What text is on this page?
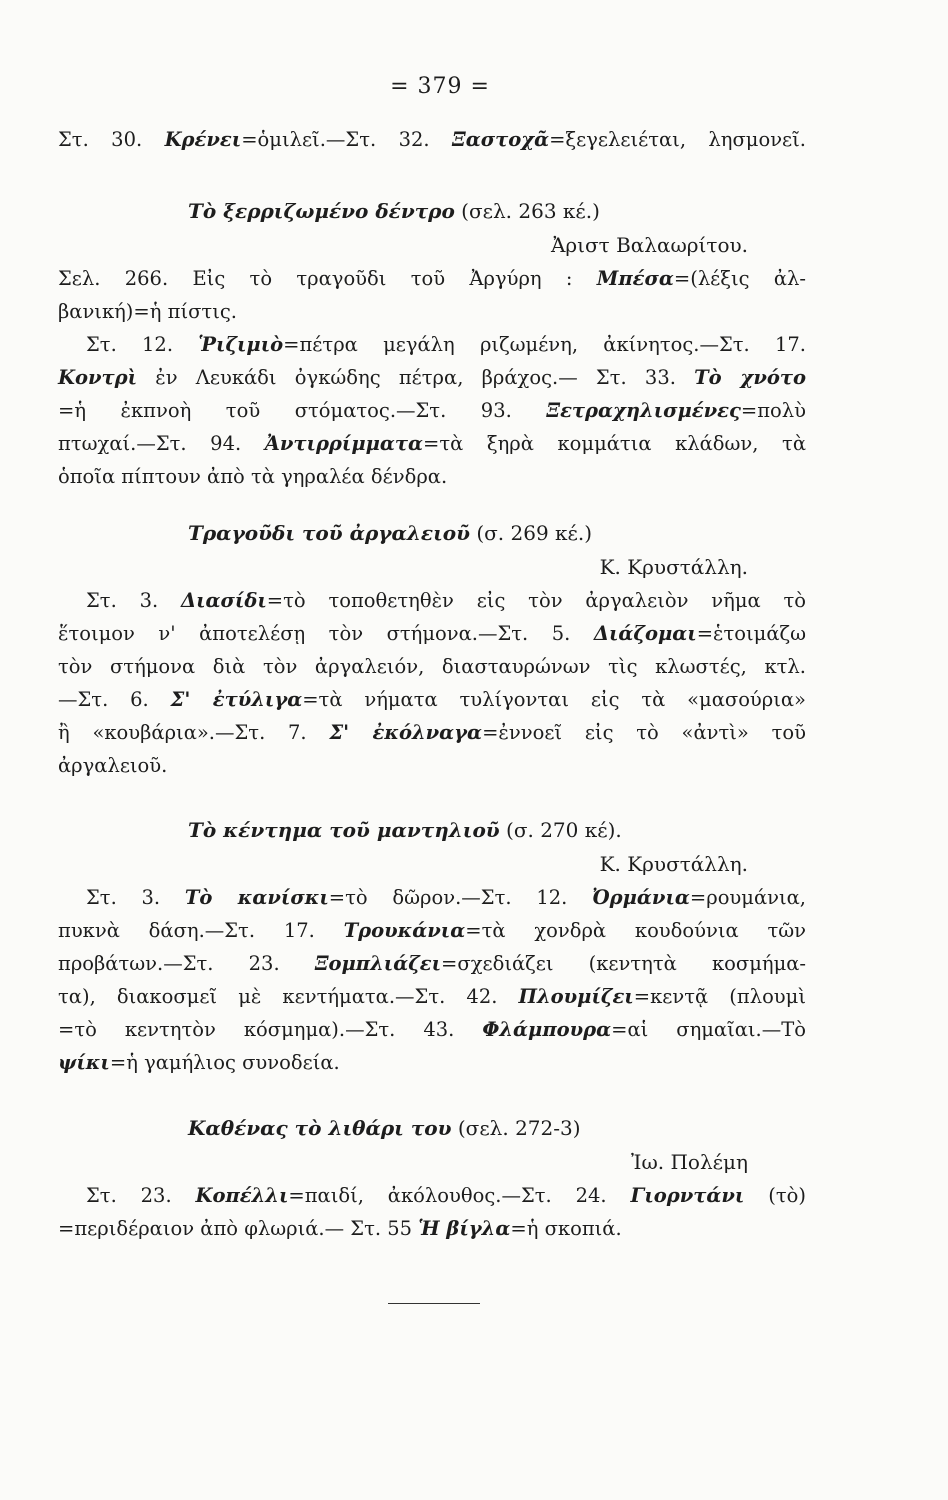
= 379 =
Στ. 30. Κρένει=ὁμιλεῖ.—Στ. 32. Ξαστοχᾶ=ξεγελειέται, λησμονεῖ.
Τὸ ξερριζωμένο δέντρο (σελ. 263 κέ.)
Ἀριστ Βαλαωρίτου.
Σελ. 266. Εἰς τὸ τραγοῦδι τοῦ Ἀργύρη : Μπέσα=(λέξις ἀλ-
βανική)=ἡ πίστις.
Στ. 12. Ῥιζιμιὸ=πέτρα μεγάλη ριζωμένη, ἀκίνητος.—Στ. 17.
Κοντρὶ ἐν Λευκάδι ὀγκώδης πέτρα, βράχος.— Στ. 33. Τὸ χνότο
=ἡ ἐκπνοὴ τοῦ στόματος.—Στ. 93. Ξετραχηλισμένες=πολὺ
πτωχαί.—Στ. 94. Ἀντιρρίμματα=τὰ ξηρὰ κομμάτια κλάδων, τὰ
ὁποῖα πίπτουν ἀπὸ τὰ γηραλέα δένδρα.
Τραγοῦδι τοῦ ἀργαλειοῦ (σ. 269 κέ.)
Κ. Κρυστάλλη.
Στ. 3. Διασίδι=τὸ τοποθετηθὲν εἰς τὸν ἀργαλειὸν νῆμα τὸ
ἕτοιμον ν' ἀποτελέσῃ τὸν στήμονα.—Στ. 5. Διάζομαι=ἑτοιμάζω
τὸν στήμονα διὰ τὸν ἀργαλειόν, διασταυρώνων τὶς κλωστές, κτλ.
—Στ. 6. Σ' ἐτύλιγα=τὰ νήματα τυλίγονται εἰς τὰ «μασούρια»
ἢ «κουβάρια».—Στ. 7. Σ' ἐκόλναγα=ἐννοεῖ εἰς τὸ «ἀντὶ» τοῦ
ἀργαλειοῦ.
Τὸ κέντημα τοῦ μαντηλιοῦ (σ. 270 κέ).
Κ. Κρυστάλλη.
Στ. 3. Τὸ κανίσκι=τὸ δῶρον.—Στ. 12. Ὀρμάνια=ρουμάνια,
πυκνὰ δάση.—Στ. 17. Τρουκάνια=τὰ χονδρὰ κουδούνια τῶν
προβάτων.—Στ. 23. Ξομπλιάζει=σχεδιάζει (κεντητὰ κοσμήμα-
τα), διακοσμεῖ μὲ κεντήματα.—Στ. 42. Πλουμίζει=κεντᾷ (πλουμὶ
=τὸ κεντητὸν κόσμημα).—Στ. 43. Φλάμπουρα=αἱ σημαῖαι.—Τὸ
ψίκι=ἡ γαμήλιος συνοδεία.
Καθένας τὸ λιθάρι του (σελ. 272-3)
Ἰω. Πολέμη
Στ. 23. Κοπέλλι=παιδί, ἀκόλουθος.—Στ. 24. Γιορντάνι (τὸ)
=περιδέραιον ἀπὸ φλωριά.— Στ. 55 Ἡ βίγλα=ἡ σκοπιά.
